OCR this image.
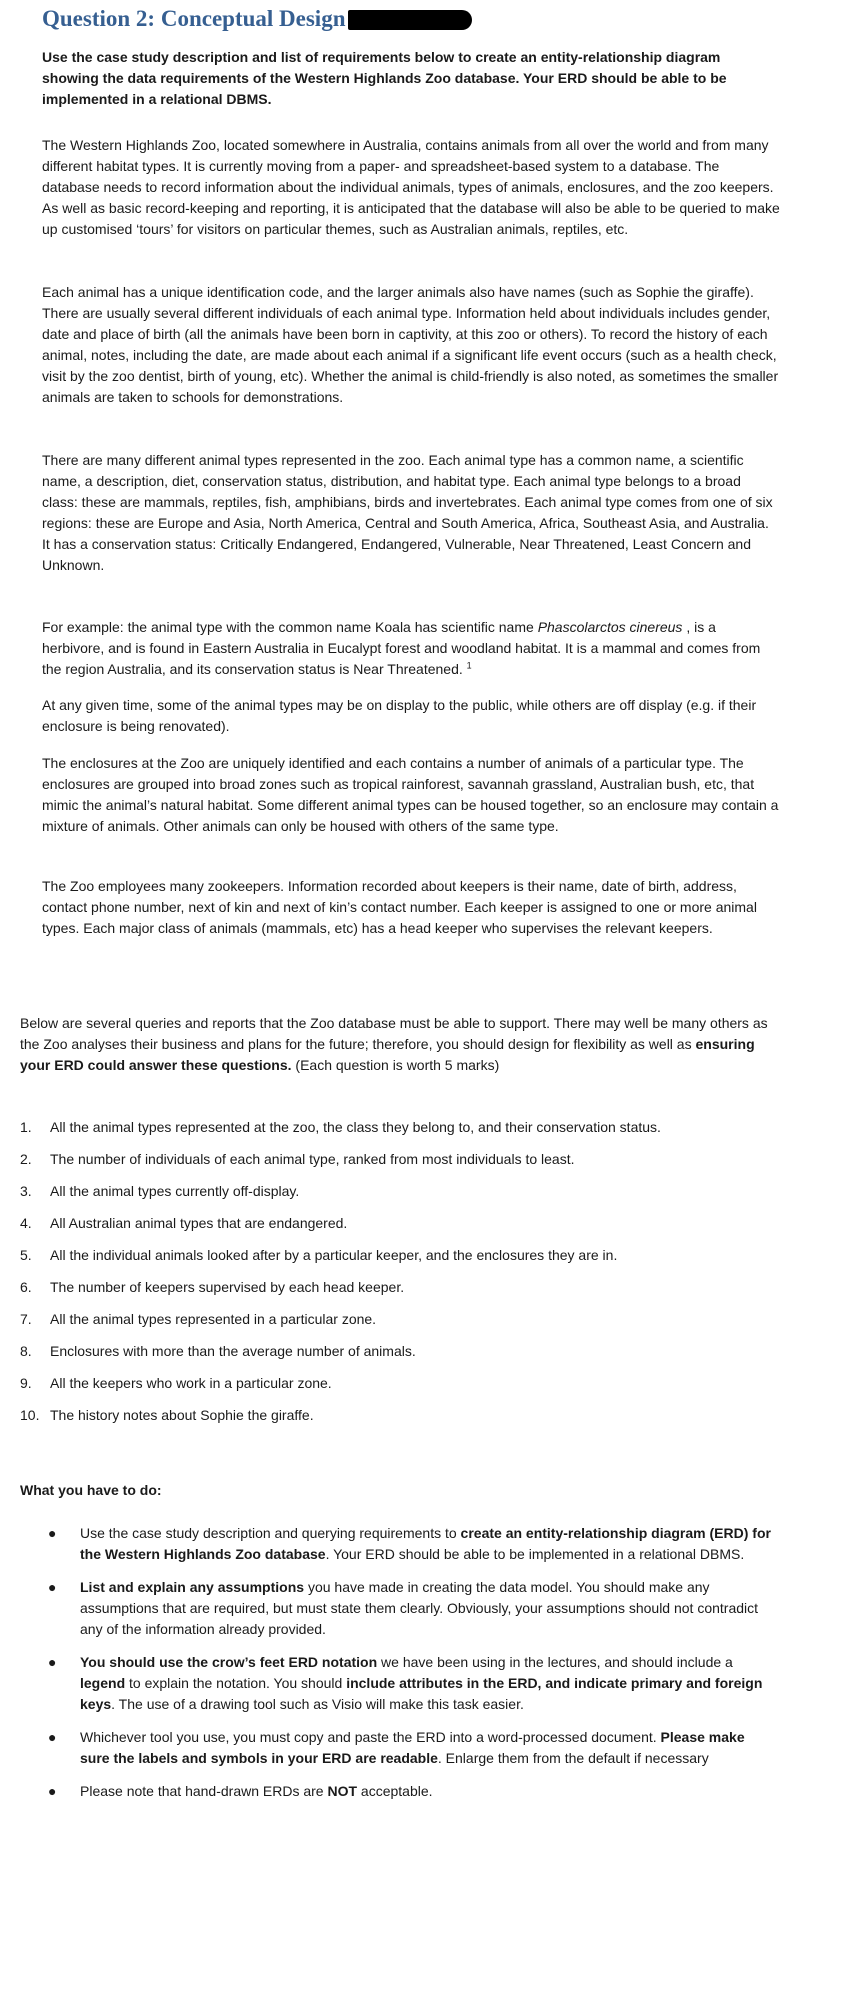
Question 2: Conceptual Design

Use the case study description and list of requirements below to create an entity-relationship diagram showing the data requirements of the Western Highlands Zoo database. Your ERD should be able to be implemented in a relational DBMS.

The Western Highlands Zoo, located somewhere in Australia, contains animals from all over the world and from many different habitat types. It is currently moving from a paper- and spreadsheet-based system to a database. The database needs to record information about the individual animals, types of animals, enclosures, and the zoo keepers. As well as basic record-keeping and reporting, it is anticipated that the database will also be able to be queried to make up customised ‘tours’ for visitors on particular themes, such as Australian animals, reptiles, etc.

Each animal has a unique identification code, and the larger animals also have names (such as Sophie the giraffe). There are usually several different individuals of each animal type. Information held about individuals includes gender, date and place of birth (all the animals have been born in captivity, at this zoo or others). To record the history of each animal, notes, including the date, are made about each animal if a significant life event occurs (such as a health check, visit by the zoo dentist, birth of young, etc). Whether the animal is child-friendly is also noted, as sometimes the smaller animals are taken to schools for demonstrations.

There are many different animal types represented in the zoo. Each animal type has a common name, a scientific name, a description, diet, conservation status, distribution, and habitat type. Each animal type belongs to a broad class: these are mammals, reptiles, fish, amphibians, birds and invertebrates. Each animal type comes from one of six regions: these are Europe and Asia, North America, Central and South America, Africa, Southeast Asia, and Australia. It has a conservation status: Critically Endangered, Endangered, Vulnerable, Near Threatened, Least Concern and Unknown.

For example: the animal type with the common name Koala has scientific name Phascolarctos cinereus , is a herbivore, and is found in Eastern Australia in Eucalypt forest and woodland habitat. It is a mammal and comes from the region Australia, and its conservation status is Near Threatened. $^1$

At any given time, some of the animal types may be on display to the public, while others are off display (e.g. if their enclosure is being renovated).

The enclosures at the Zoo are uniquely identified and each contains a number of animals of a particular type. The enclosures are grouped into broad zones such as tropical rainforest, savannah grassland, Australian bush, etc, that mimic the animal’s natural habitat. Some different animal types can be housed together, so an enclosure may contain a mixture of animals. Other animals can only be housed with others of the same type.

The Zoo employees many zookeepers. Information recorded about keepers is their name, date of birth, address, contact phone number, next of kin and next of kin’s contact number. Each keeper is assigned to one or more animal types. Each major class of animals (mammals, etc) has a head keeper who supervises the relevant keepers.

Below are several queries and reports that the Zoo database must be able to support. There may well be many others as the Zoo analyses their business and plans for the future; therefore, you should design for flexibility as well as ensuring your ERD could answer these questions. (Each question is worth 5 marks)

1.	All the animal types represented at the zoo, the class they belong to, and their conservation status.
2.	The number of individuals of each animal type, ranked from most individuals to least.
3.	All the animal types currently off-display.
4.	All Australian animal types that are endangered.
5.	All the individual animals looked after by a particular keeper, and the enclosures they are in.
6.	The number of keepers supervised by each head keeper.
7.	All the animal types represented in a particular zone.
8.	Enclosures with more than the average number of animals.
9.	All the keepers who work in a particular zone.
10. The history notes about Sophie the giraffe.
What you have to do:
● Use the case study description and querying requirements to create an entity-relationship diagram (ERD) for the Western Highlands Zoo database. Your ERD should be able to be implemented in a relational DBMS.
● List and explain any assumptions you have made in creating the data model. You should make any assumptions that are required, but must state them clearly. Obviously, your assumptions should not contradict any of the information already provided.
● You should use the crow’s feet ERD notation we have been using in the lectures, and should include a legend to explain the notation. You should include attributes in the ERD, and indicate primary and foreign keys. The use of a drawing tool such as Visio will make this task easier.
● Whichever tool you use, you must copy and paste the ERD into a word-processed document. Please make sure the labels and symbols in your ERD are readable. Enlarge them from the default if necessary
● Please note that hand-drawn ERDs are NOT acceptable.
